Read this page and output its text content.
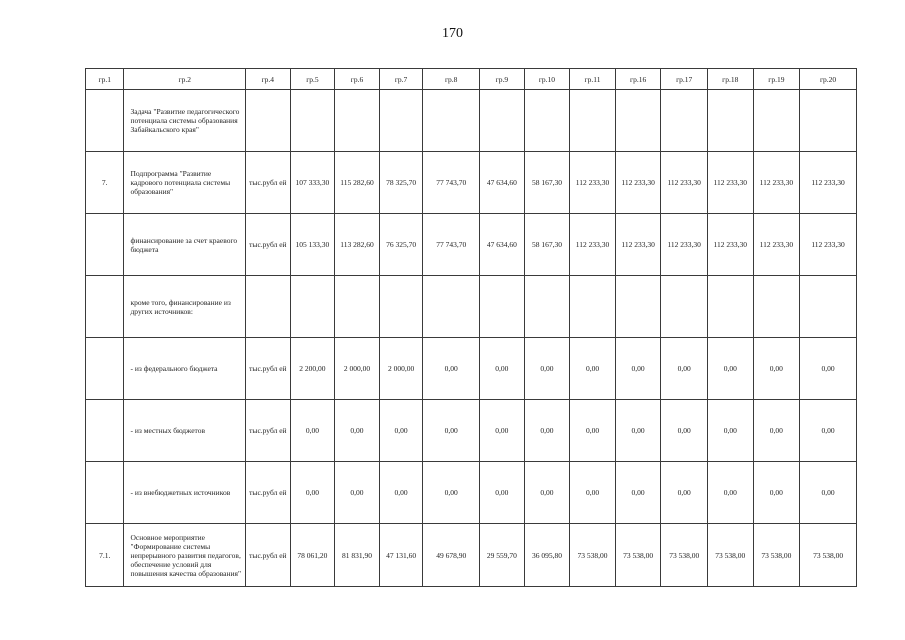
170
гр.1	гр.2	гр.4	гр.5	гр.6	гр.7	гр.8	гр.9	гр.10	гр.11	гр.16	гр.17	гр.18	гр.19	гр.20
	Задача "Развитие педагогического потенциала системы образования Забайкальского края"													
7.	Подпрограмма "Развитие кадрового потенциала системы образования"	тыс.рубл ей	107 333,30	115 282,60	78 325,70	77 743,70	47 634,60	58 167,30	112 233,30	112 233,30	112 233,30	112 233,30	112 233,30	112 233,30
	финансирование за счет краевого бюджета	тыс.рубл ей	105 133,30	113 282,60	76 325,70	77 743,70	47 634,60	58 167,30	112 233,30	112 233,30	112 233,30	112 233,30	112 233,30	112 233,30
	кроме того, финансирование из других источников:													
	- из федерального бюджета	тыс.рубл ей	2 200,00	2 000,00	2 000,00	0,00	0,00	0,00	0,00	0,00	0,00	0,00	0,00	0,00
	- из местных бюджетов	тыс.рубл ей	0,00	0,00	0,00	0,00	0,00	0,00	0,00	0,00	0,00	0,00	0,00	0,00
	- из внебюджетных источников	тыс.рубл ей	0,00	0,00	0,00	0,00	0,00	0,00	0,00	0,00	0,00	0,00	0,00	0,00
7.1.	Основное мероприятие "Формирование системы непрерывного развития педагогов, обеспечение условий для повышения качества образования"	тыс.рубл ей	78 061,20	81 831,90	47 131,60	49 678,90	29 559,70	36 095,80	73 538,00	73 538,00	73 538,00	73 538,00	73 538,00	73 538,00
